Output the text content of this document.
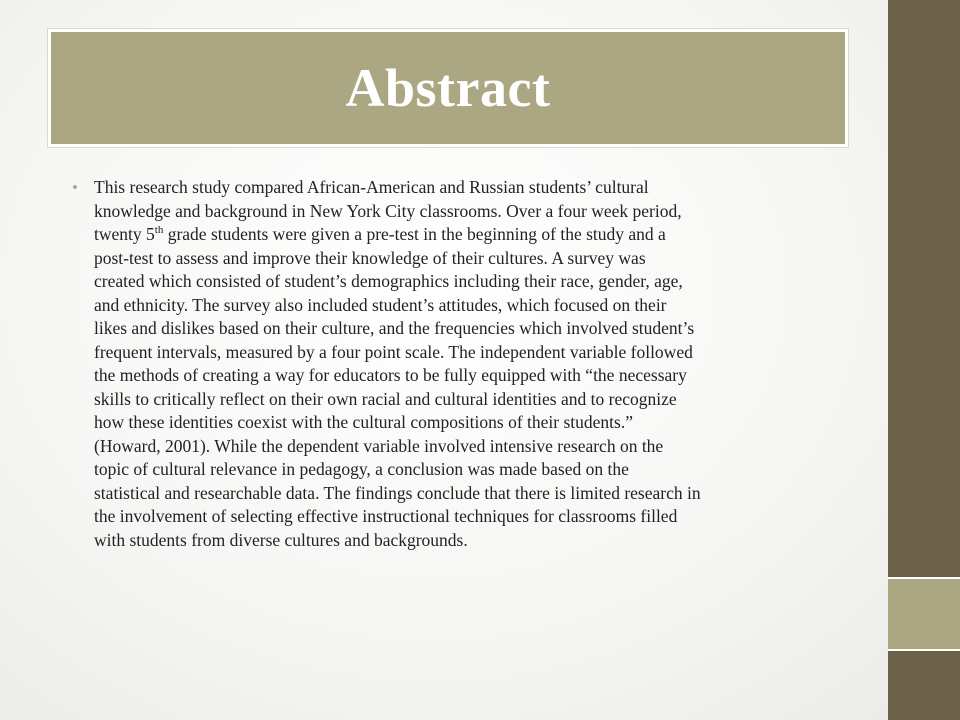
Abstract
• This research study compared African-American and Russian students’ cultural
knowledge and background in New York City classrooms. Over a four week period,
twenty 5th grade students were given a pre-test in the beginning of the study and a
post-test to assess and improve their knowledge of their cultures. A survey was
created which consisted of student’s demographics including their race, gender, age,
and ethnicity. The survey also included student’s attitudes, which focused on their
likes and dislikes based on their culture, and the frequencies which involved student’s
frequent intervals, measured by a four point scale. The independent variable followed
the methods of creating a way for educators to be fully equipped with “the necessary
skills to critically reflect on their own racial and cultural identities and to recognize
how these identities coexist with the cultural compositions of their students.”
(Howard, 2001). While the dependent variable involved intensive research on the
topic of cultural relevance in pedagogy, a conclusion was made based on the
statistical and researchable data. The findings conclude that there is limited research in
the involvement of selecting effective instructional techniques for classrooms filled
with students from diverse cultures and backgrounds.
